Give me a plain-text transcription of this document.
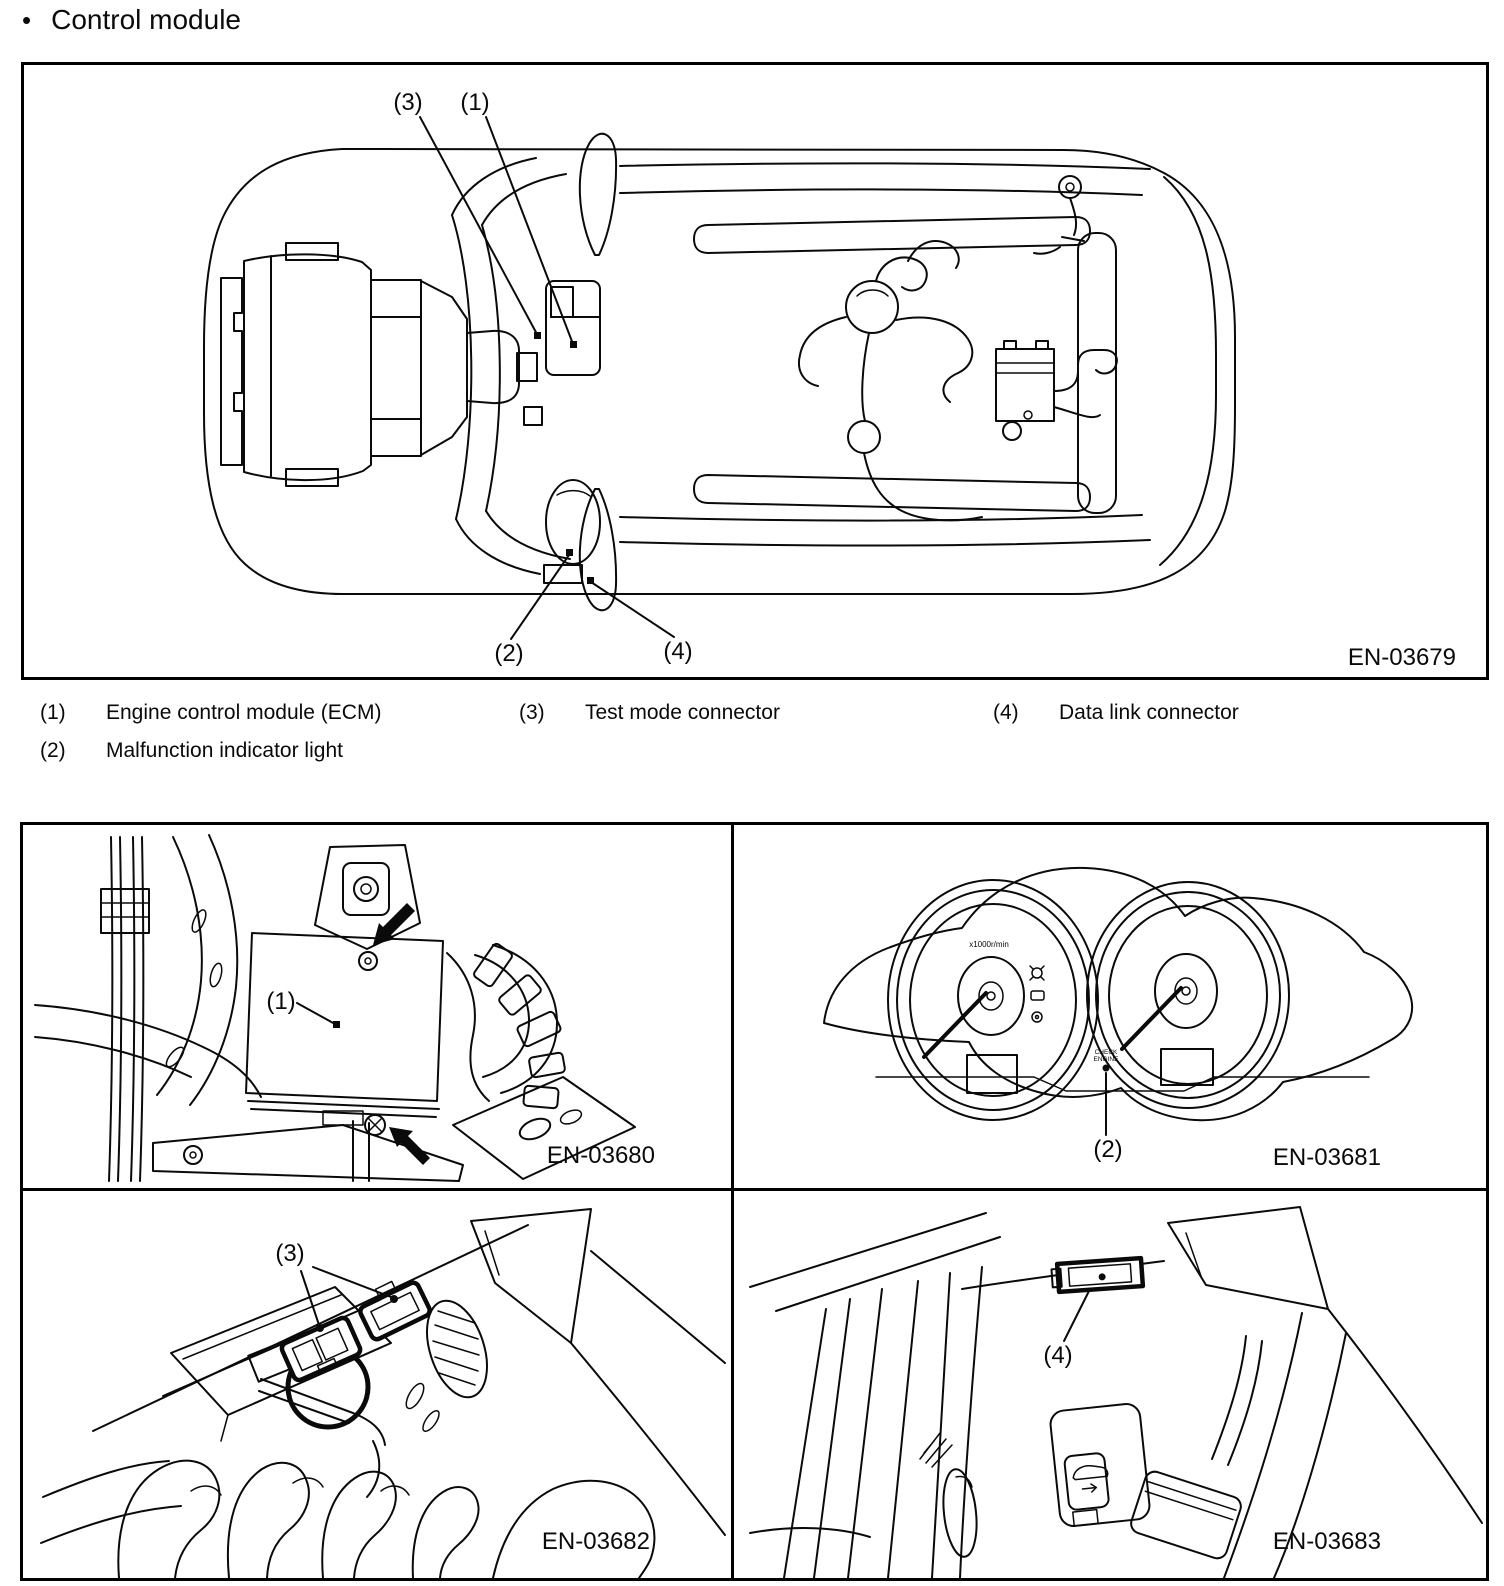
• Control module
(3) (1)
(2)	(4)	EN-03679
(1)	Engine control module (ECM)	(3)	Test mode connector	(4)	Data link connector
(2)	Malfunction indicator light
(1)
EN-03680
x1000r/min
CHECK
ENGINE
(2)	EN-03681
(3)
EN-03682
(4)
EN-03683
